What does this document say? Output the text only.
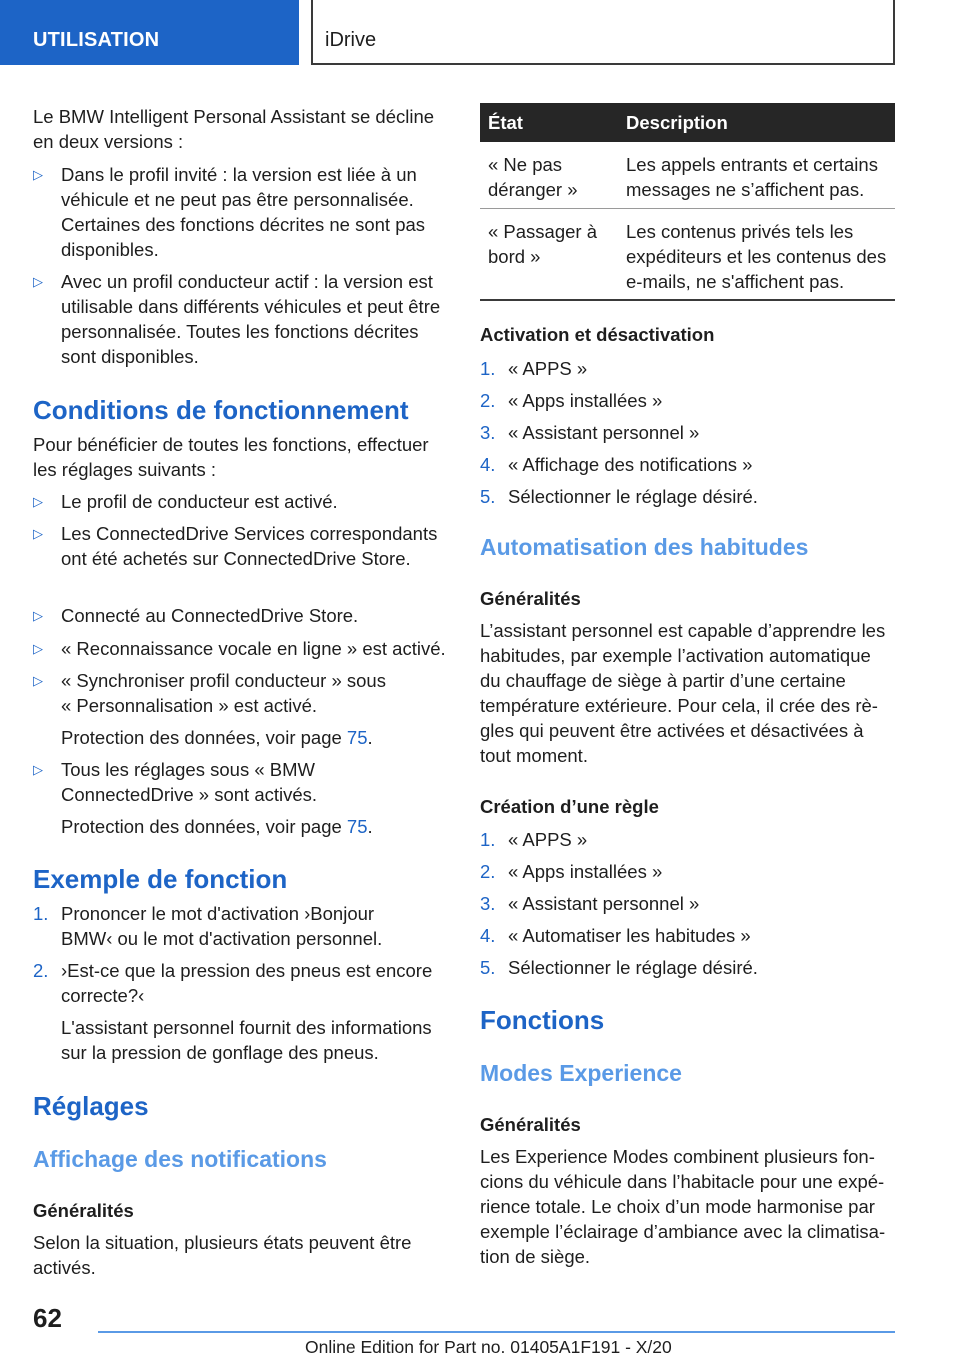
UTILISATION	iDrive
Le BMW Intelligent Personal Assistant se décline en deux versions :
▷ Dans le profil invité : la version est liée à un véhicule et ne peut pas être personnalisée. Certaines des fonctions décrites ne sont pas disponibles.
▷ Avec un profil conducteur actif : la version est utilisable dans différents véhicules et peut être personnalisée. Toutes les fonctions décrites sont disponibles.
Conditions de fonctionnement
Pour bénéficier de toutes les fonctions, effectuer les réglages suivants :
▷ Le profil de conducteur est activé.
▷ Les ConnectedDrive Services correspondants ont été achetés sur ConnectedDrive Store.
▷ Connecté au ConnectedDrive Store.
▷ « Reconnaissance vocale en ligne » est activé.
▷ « Synchroniser profil conducteur » sous « Personnalisation » est activé.
Protection des données, voir page 75.
▷ Tous les réglages sous « BMW ConnectedDrive » sont activés.
Protection des données, voir page 75.
Exemple de fonction
1. Prononcer le mot d'activation ›Bonjour BMW‹ ou le mot d'activation personnel.
2. ›Est-ce que la pression des pneus est encore correcte?‹
L'assistant personnel fournit des informations sur la pression de gonflage des pneus.
Réglages
Affichage des notifications
Généralités
Selon la situation, plusieurs états peuvent être activés.
État	Description
« Ne pas déranger »	Les appels entrants et certains messages ne s’affichent pas.
« Passager à bord »	Les contenus privés tels les expéditeurs et les contenus des e-mails, ne s'affichent pas.
Activation et désactivation
1. « APPS »
2. « Apps installées »
3. « Assistant personnel »
4. « Affichage des notifications »
5. Sélectionner le réglage désiré.
Automatisation des habitudes
Généralités
L’assistant personnel est capable d’apprendre les habitudes, par exemple l’activation automatique du chauffage de siège à partir d’une certaine température extérieure. Pour cela, il crée des règles qui peuvent être activées et désactivées à tout moment.
Création d’une règle
1. « APPS »
2. « Apps installées »
3. « Assistant personnel »
4. « Automatiser les habitudes »
5. Sélectionner le réglage désiré.
Fonctions
Modes Experience
Généralités
Les Experience Modes combinent plusieurs foncions du véhicule dans l’habitacle pour une expérience totale. Le choix d’un mode harmonise par exemple l’éclairage d’ambiance avec la climatisation de siège.
62
Online Edition for Part no. 01405A1F191 - X/20
